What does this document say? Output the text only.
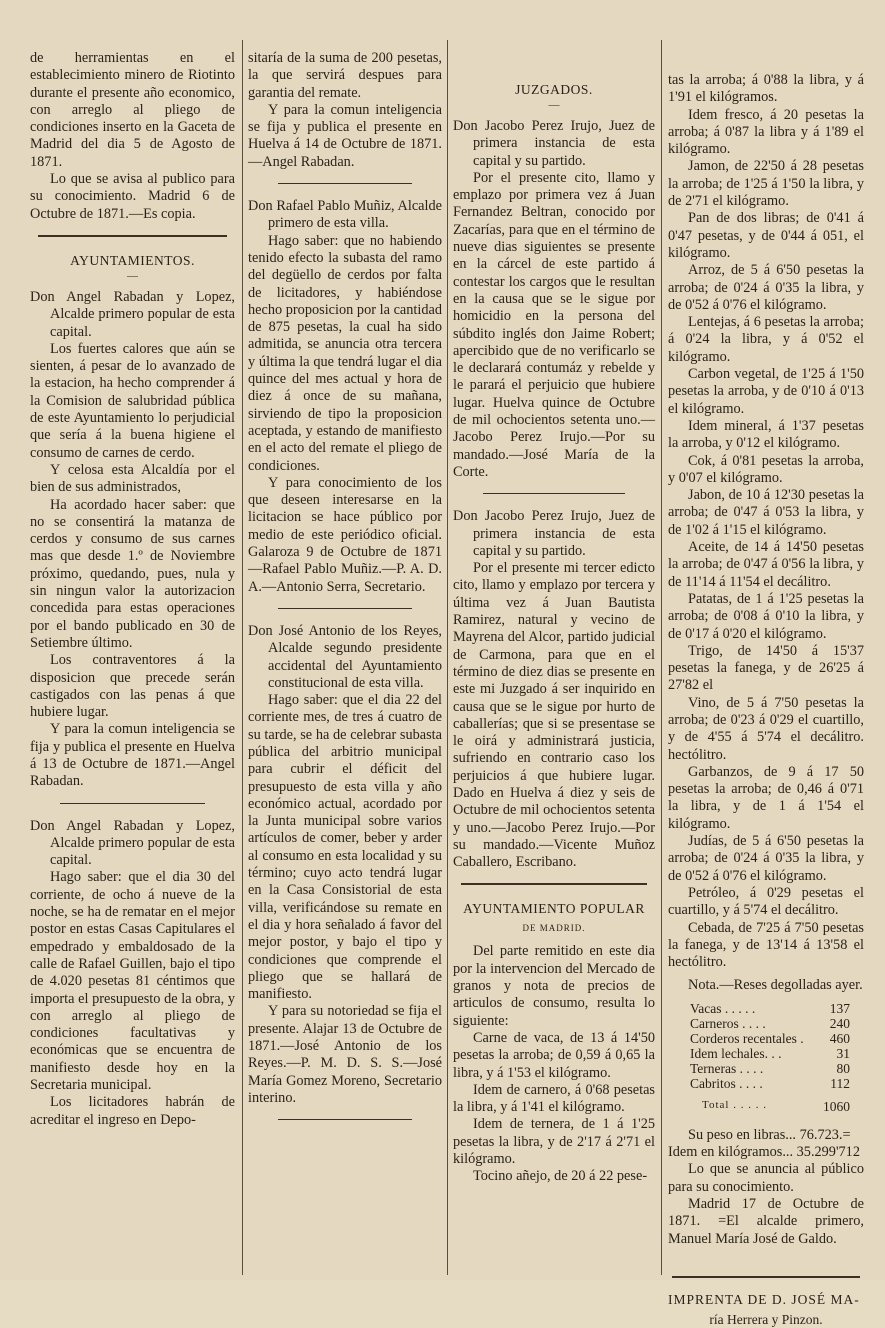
de herramientas en el establecimiento minero de Riotinto durante el presente año economico, con arreglo al pliego de condiciones inserto en la Gaceta de Madrid del dia 5 de Agosto de 1871.

Lo que se avisa al publico para su conocimiento. Madrid 6 de Octubre de 1871.—Es copia.

AYUNTAMIENTOS.
—

Don Angel Rabadan y Lopez, Alcalde primero popular de esta capital.

Los fuertes calores que aún se sienten, á pesar de lo avanzado de la estacion, ha hecho comprender á la Comision de salubridad pública de este Ayuntamiento lo perjudicial que sería á la buena higiene el consumo de carnes de cerdo.

Y celosa esta Alcaldía por el bien de sus administrados,

Ha acordado hacer saber: que no se consentirá la matanza de cerdos y consumo de sus carnes mas que desde 1.º de Noviembre próximo, quedando, pues, nula y sin ningun valor la autorizacion concedida para estas operaciones por el bando publicado en 30 de Setiembre último.

Los contraventores á la disposicion que precede serán castigados con las penas á que hubiere lugar.

Y para la comun inteligencia se fija y publica el presente en Huelva á 13 de Octubre de 1871.—Angel Rabadan.

Don Angel Rabadan y Lopez, Alcalde primero popular de esta capital.

Hago saber: que el dia 30 del corriente, de ocho á nueve de la noche, se ha de rematar en el mejor postor en estas Casas Capitulares el empedrado y embaldosado de la calle de Rafael Guillen, bajo el tipo de 4.020 pesetas 81 céntimos que importa el presupuesto de la obra, y con arreglo al pliego de condiciones facultativas y económicas que se encuentra de manifiesto desde hoy en la Secretaria municipal.

Los licitadores habrán de acreditar el ingreso en Depo-

sitaría de la suma de 200 pesetas, la que servirá despues para garantia del remate.

Y para la comun inteligencia se fija y publica el presente en Huelva á 14 de Octubre de 1871.—Angel Rabadan.

Don Rafael Pablo Muñiz, Alcalde primero de esta villa.

Hago saber: que no habiendo tenido efecto la subasta del ramo del degüello de cerdos por falta de licitadores, y habiéndose hecho proposicion por la cantidad de 875 pesetas, la cual ha sido admitida, se anuncia otra tercera y última la que tendrá lugar el dia quince del mes actual y hora de diez á once de su mañana, sirviendo de tipo la proposicion aceptada, y estando de manifiesto en el acto del remate el pliego de condiciones.

Y para conocimiento de los que deseen interesarse en la licitacion se hace público por medio de este periódico oficial. Galaroza 9 de Octubre de 1871 —Rafael Pablo Muñiz.—P. A. D. A.—Antonio Serra, Secretario.

Don José Antonio de los Reyes, Alcalde segundo presidente accidental del Ayuntamiento constitucional de esta villa.

Hago saber: que el dia 22 del corriente mes, de tres á cuatro de su tarde, se ha de celebrar subasta pública del arbitrio municipal para cubrir el déficit del presupuesto de esta villa y año económico actual, acordado por la Junta municipal sobre varios artículos de comer, beber y arder al consumo en esta localidad y su término; cuyo acto tendrá lugar en la Casa Consistorial de esta villa, verificándose su remate en el dia y hora señalado á favor del mejor postor, y bajo el tipo y condiciones que comprende el pliego que se hallará de manifiesto.

Y para su notoriedad se fija el presente. Alajar 13 de Octubre de 1871.—José Antonio de los Reyes.—P. M. D. S. S.—José María Gomez Moreno, Secretario interino.

JUZGADOS.
—

Don Jacobo Perez Irujo, Juez de primera instancia de esta capital y su partido.

Por el presente cito, llamo y emplazo por primera vez á Juan Fernandez Beltran, conocido por Zacarías, para que en el término de nueve dias siguientes se presente en la cárcel de este partido á contestar los cargos que le resultan en la causa que se le sigue por homicidio en la persona del súbdito inglés don Jaime Robert; apercibido que de no verificarlo se le declarará contumáz y rebelde y le parará el perjuicio que hubiere lugar. Huelva quince de Octubre de mil ochocientos setenta uno.—Jacobo Perez Irujo.—Por su mandado.—José María de la Corte.

Don Jacobo Perez Irujo, Juez de primera instancia de esta capital y su partido.

Por el presente mi tercer edicto cito, llamo y emplazo por tercera y última vez á Juan Bautista Ramirez, natural y vecino de Mayrena del Alcor, partido judicial de Carmona, para que en el término de diez dias se presente en este mi Juzgado á ser inquirido en causa que se le sigue por hurto de caballerías; que si se presentase se le oirá y administrará justicia, sufriendo en contrario caso los perjuicios á que hubiere lugar. Dado en Huelva á diez y seis de Octubre de mil ochocientos setenta y uno.—Jacobo Perez Irujo.—Por su mandado.—Vicente Muñoz Caballero, Escribano.

AYUNTAMIENTO POPULAR
DE MADRID.

Del parte remitido en este dia por la intervencion del Mercado de granos y nota de precios de articulos de consumo, resulta lo siguiente:

Carne de vaca, de 13 á 14'50 pesetas la arroba; de 0,59 á 0,65 la libra, y á 1'53 el kilógramo.

Idem de carnero, á 0'68 pesetas la libra, y á 1'41 el kilógramo.

Idem de ternera, de 1 á 1'25 pesetas la libra, y de 2'17 á 2'71 el kilógramo.

Tocino añejo, de 20 á 22 pese-

tas la arroba; á 0'88 la libra, y á 1'91 el kilógramos.

Idem fresco, á 20 pesetas la arroba; á 0'87 la libra y á 1'89 el kilógramo.

Jamon, de 22'50 á 28 pesetas la arroba; de 1'25 á 1'50 la libra, y de 2'71 el kilógramo.

Pan de dos libras; de 0'41 á 0'47 pesetas, y de 0'44 á 051, el kilógramo.

Arroz, de 5 á 6'50 pesetas la arroba; de 0'24 á 0'35 la libra, y de 0'52 á 0'76 el kilógramo.

Lentejas, á 6 pesetas la arroba; á 0'24 la libra, y á 0'52 el kilógramo.

Carbon vegetal, de 1'25 á 1'50 pesetas la arroba, y de 0'10 á 0'13 el kilógramo.

Idem mineral, á 1'37 pesetas la arroba, y 0'12 el kilógramo.

Cok, á 0'81 pesetas la arroba, y 0'07 el kilógramo.

Jabon, de 10 á 12'30 pesetas la arroba; de 0'47 á 0'53 la libra, y de 1'02 á 1'15 el kilógramo.

Aceite, de 14 á 14'50 pesetas la arroba; de 0'47 á 0'56 la libra, y de 11'14 á 11'54 el decálitro.

Patatas, de 1 á 1'25 pesetas la arroba; de 0'08 á 0'10 la libra, y de 0'17 á 0'20 el kilógramo.

Trigo, de 14'50 á 15'37 pesetas la fanega, y de 26'25 á 27'82 el

Vino, de 5 á 7'50 pesetas la arroba; de 0'23 á 0'29 el cuartillo, y de 4'55 á 5'74 el decálitro. hectólitro.

Garbanzos, de 9 á 17 50 pesetas la arroba; de 0,46 á 0'71 la libra, y de 1 á 1'54 el kilógramo.

Judías, de 5 á 6'50 pesetas la arroba; de 0'24 á 0'35 la libra, y de 0'52 á 0'76 el kilógramo.

Petróleo, á 0'29 pesetas el cuartillo, y á 5'74 el decálitro.

Cebada, de 7'25 á 7'50 pesetas la fanega, y de 13'14 á 13'58 el hectólitro.

Nota.—Reses degolladas ayer.

Vacas . . . . .	137
Carneros . . . .	240
Corderos recentales .	460
Idem lechales. . .	31
Terneras . . . .	80
Cabritos . . . .	112
Total . . . . .	1060

Su peso en libras... 76.723.=

Idem en kilógramos... 35.299'712

Lo que se anuncia al público para su conocimiento.

Madrid 17 de Octubre de 1871. =El alcalde primero, Manuel María José de Galdo.

IMPRENTA DE D. JOSÉ MA-

ría Herrera y Pinzon.
